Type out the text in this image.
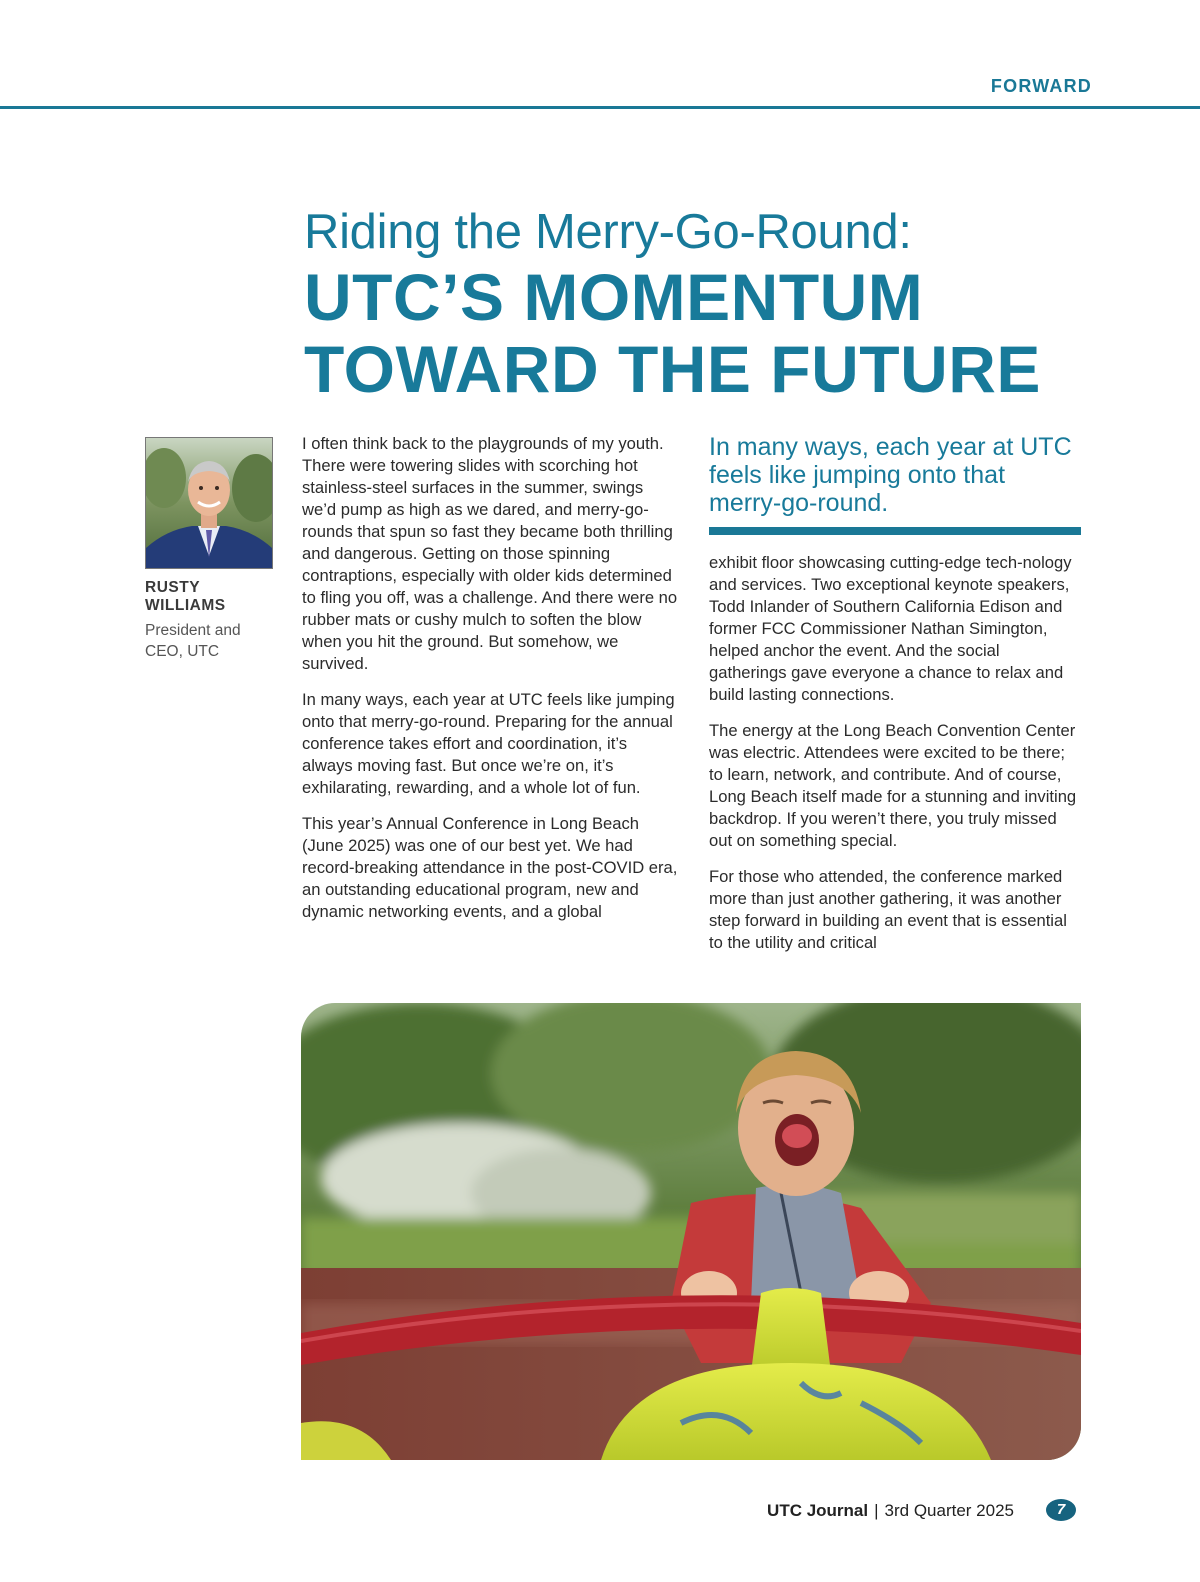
FORWARD
Riding the Merry-Go-Round:
UTC’S MOMENTUM
TOWARD THE FUTURE
RUSTY WILLIAMS
President and
CEO, UTC

I often think back to the playgrounds of my youth. There were towering slides with scorching hot stainless-steel surfaces in the summer, swings we’d pump as high as we dared, and merry-go-rounds that spun so fast they became both thrilling and dangerous. Getting on those spinning contraptions, especially with older kids determined to fling you off, was a challenge. And there were no rubber mats or cushy mulch to soften the blow when you hit the ground. But somehow, we survived.

In many ways, each year at UTC feels like jumping onto that merry-go-round. Preparing for the annual conference takes effort and coordination, it’s always moving fast. But once we’re on, it’s exhilarating, rewarding, and a whole lot of fun.

This year’s Annual Conference in Long Beach (June 2025) was one of our best yet. We had record-breaking attendance in the post-COVID era, an outstanding educational program, new and dynamic networking events, and a global

In many ways, each year at UTC feels like jumping onto that merry-go-round.

exhibit floor showcasing cutting-edge tech-nology and services. Two exceptional keynote speakers, Todd Inlander of Southern California Edison and former FCC Commissioner Nathan Simington, helped anchor the event. And the social gatherings gave everyone a chance to relax and build lasting connections.

The energy at the Long Beach Convention Center was electric. Attendees were excited to be there; to learn, network, and contribute. And of course, Long Beach itself made for a stunning and inviting backdrop. If you weren’t there, you truly missed out on something special.

For those who attended, the conference marked more than just another gathering, it was another step forward in building an event that is essential to the utility and critical

UTC Journal | 3rd Quarter 2025	7
